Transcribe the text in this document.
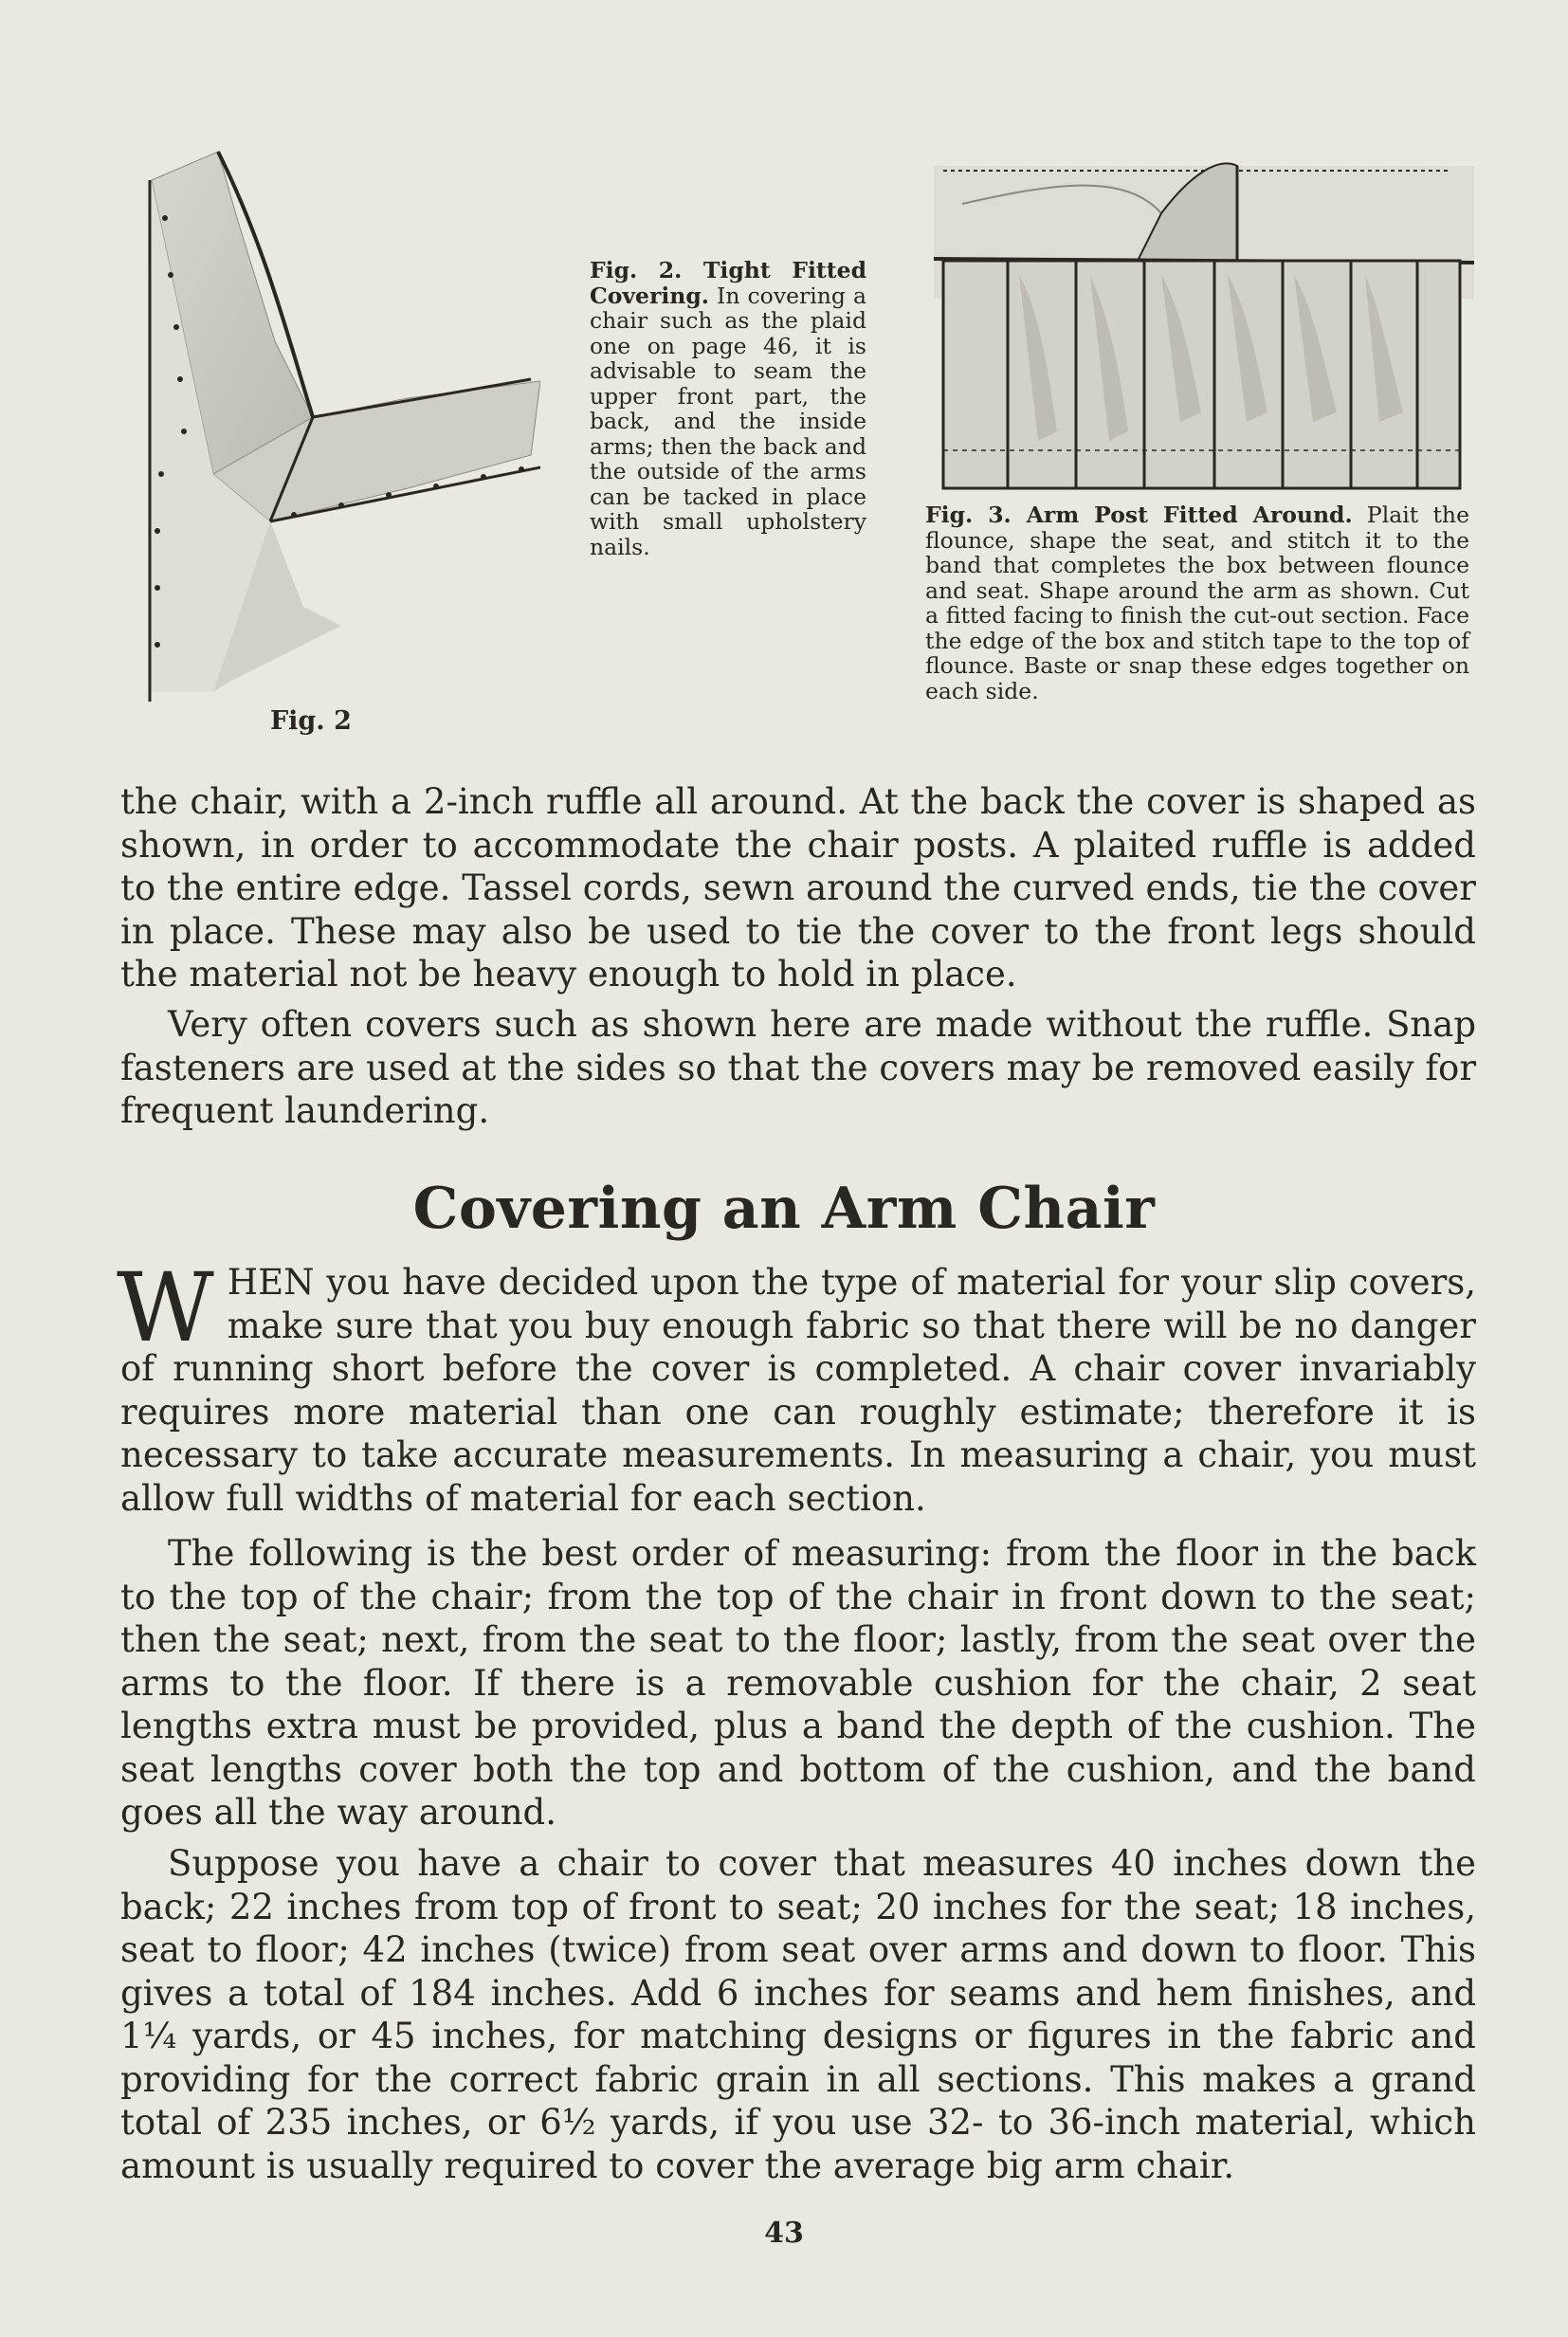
Fig. 2
Fig. 2. Tight Fitted Covering. In covering a chair such as the plaid one on page 46, it is advisable to seam the upper front part, the back, and the inside arms; then the back and the outside of the arms can be tacked in place with small upholstery nails.
Fig. 3. Arm Post Fitted Around. Plait the flounce, shape the seat, and stitch it to the band that completes the box between flounce and seat. Shape around the arm as shown. Cut a fitted facing to finish the cut-out section. Face the edge of the box and stitch tape to the top of flounce. Baste or snap these edges together on each side.

the chair, with a 2-inch ruffle all around. At the back the cover is shaped as shown, in order to accommodate the chair posts. A plaited ruffle is added to the entire edge. Tassel cords, sewn around the curved ends, tie the cover in place. These may also be used to tie the cover to the front legs should the material not be heavy enough to hold in place.

Very often covers such as shown here are made without the ruffle. Snap fasteners are used at the sides so that the covers may be removed easily for frequent laundering.

Covering an Arm Chair

WHEN you have decided upon the type of material for your slip covers, make sure that you buy enough fabric so that there will be no danger of running short before the cover is completed. A chair cover invariably requires more material than one can roughly estimate; therefore it is necessary to take accurate measurements. In measuring a chair, you must allow full widths of material for each section.

The following is the best order of measuring: from the floor in the back to the top of the chair; from the top of the chair in front down to the seat; then the seat; next, from the seat to the floor; lastly, from the seat over the arms to the floor. If there is a removable cushion for the chair, 2 seat lengths extra must be provided, plus a band the depth of the cushion. The seat lengths cover both the top and bottom of the cushion, and the band goes all the way around.

Suppose you have a chair to cover that measures 40 inches down the back; 22 inches from top of front to seat; 20 inches for the seat; 18 inches, seat to floor; 42 inches (twice) from seat over arms and down to floor. This gives a total of 184 inches. Add 6 inches for seams and hem finishes, and 1¼ yards, or 45 inches, for matching designs or figures in the fabric and providing for the correct fabric grain in all sections. This makes a grand total of 235 inches, or 6½ yards, if you use 32- to 36-inch material, which amount is usually required to cover the average big arm chair.

43
